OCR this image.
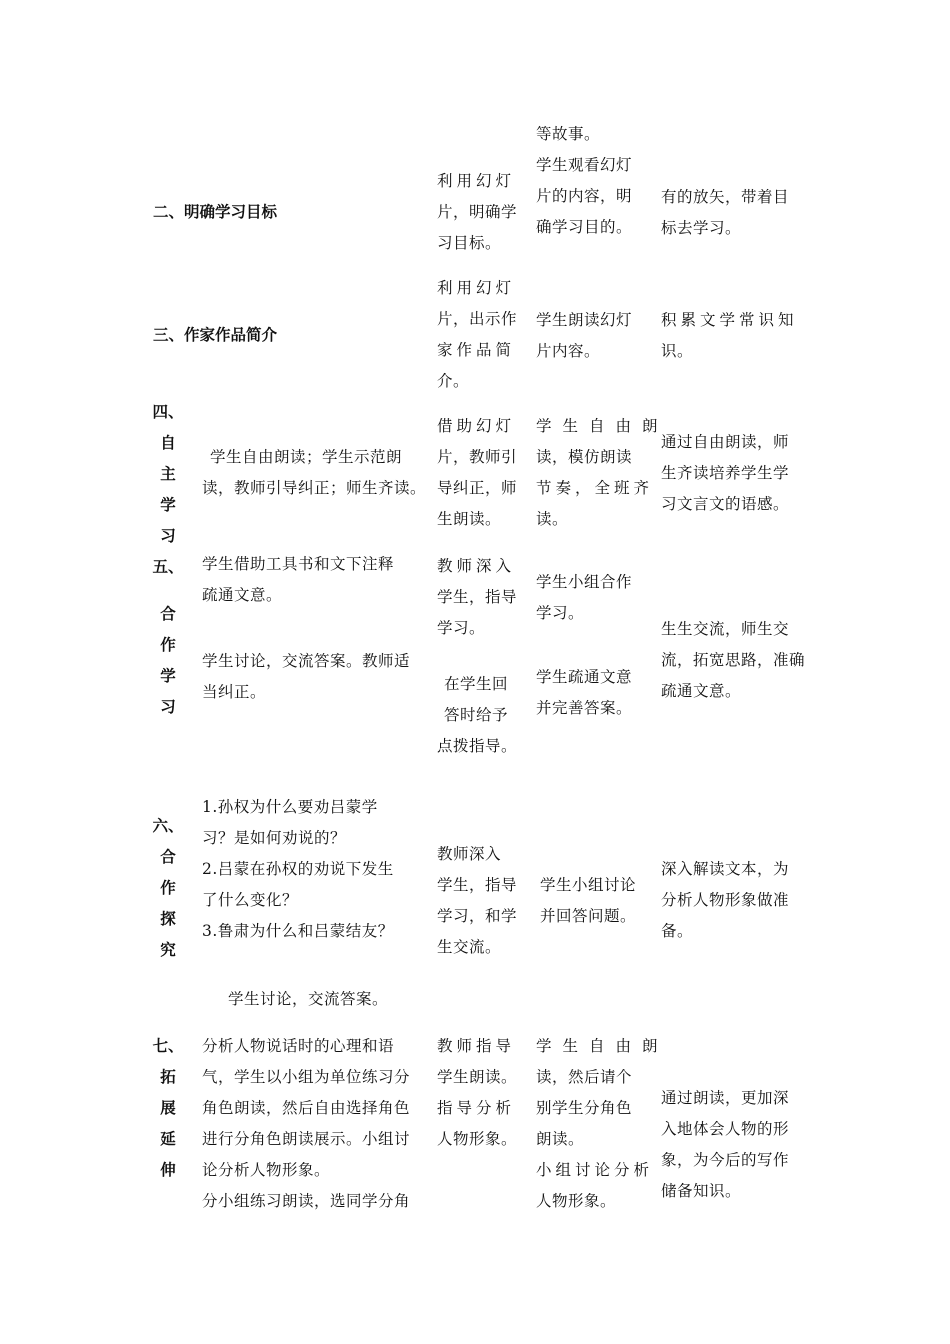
等故事。
学生观看幻灯
片的内容，明
确学习目的。
二、明确学习目标
利用幻灯
片，明确学
习目标。
有的放矢，带着目
标去学习。
三、作家作品简介
利用幻灯
片，出示作
家作品简
介。
学生朗读幻灯
片内容。
积累文学常识知
识。
四、
自
主
学
习
学生自由朗读；学生示范朗
读，教师引导纠正；师生齐读。
借助幻灯
片，教师引
导纠正，师
生朗读。
学生自由朗
读，模仿朗读
节奏，全班齐
读。
通过自由朗读，师
生齐读培养学生学
习文言文的语感。
五、
合
作
学
习
学生借助工具书和文下注释
疏通文意。
学生讨论，交流答案。教师适
当纠正。
教师深入
学生，指导
学习。
在学生回
答时给予
点拨指导。
学生小组合作
学习。
学生疏通文意
并完善答案。
生生交流，师生交
流，拓宽思路，准确
疏通文意。
六、
合
作
探
究
1.孙权为什么要劝吕蒙学
习？是如何劝说的？
2.吕蒙在孙权的劝说下发生
了什么变化？
3.鲁肃为什么和吕蒙结友？
学生讨论，交流答案。
教师深入
学生，指导
学习，和学
生交流。
学生小组讨论
并回答问题。
深入解读文本，为
分析人物形象做准
备。
七、
拓
展
延
伸
分析人物说话时的心理和语
气，学生以小组为单位练习分
角色朗读，然后自由选择角色
进行分角色朗读展示。小组讨
论分析人物形象。
分小组练习朗读，选同学分角
教师指导
学生朗读。
指导分析
人物形象。
学生自由朗
读，然后请个
别学生分角色
朗读。
小组讨论分析
人物形象。
通过朗读，更加深
入地体会人物的形
象，为今后的写作
储备知识。
